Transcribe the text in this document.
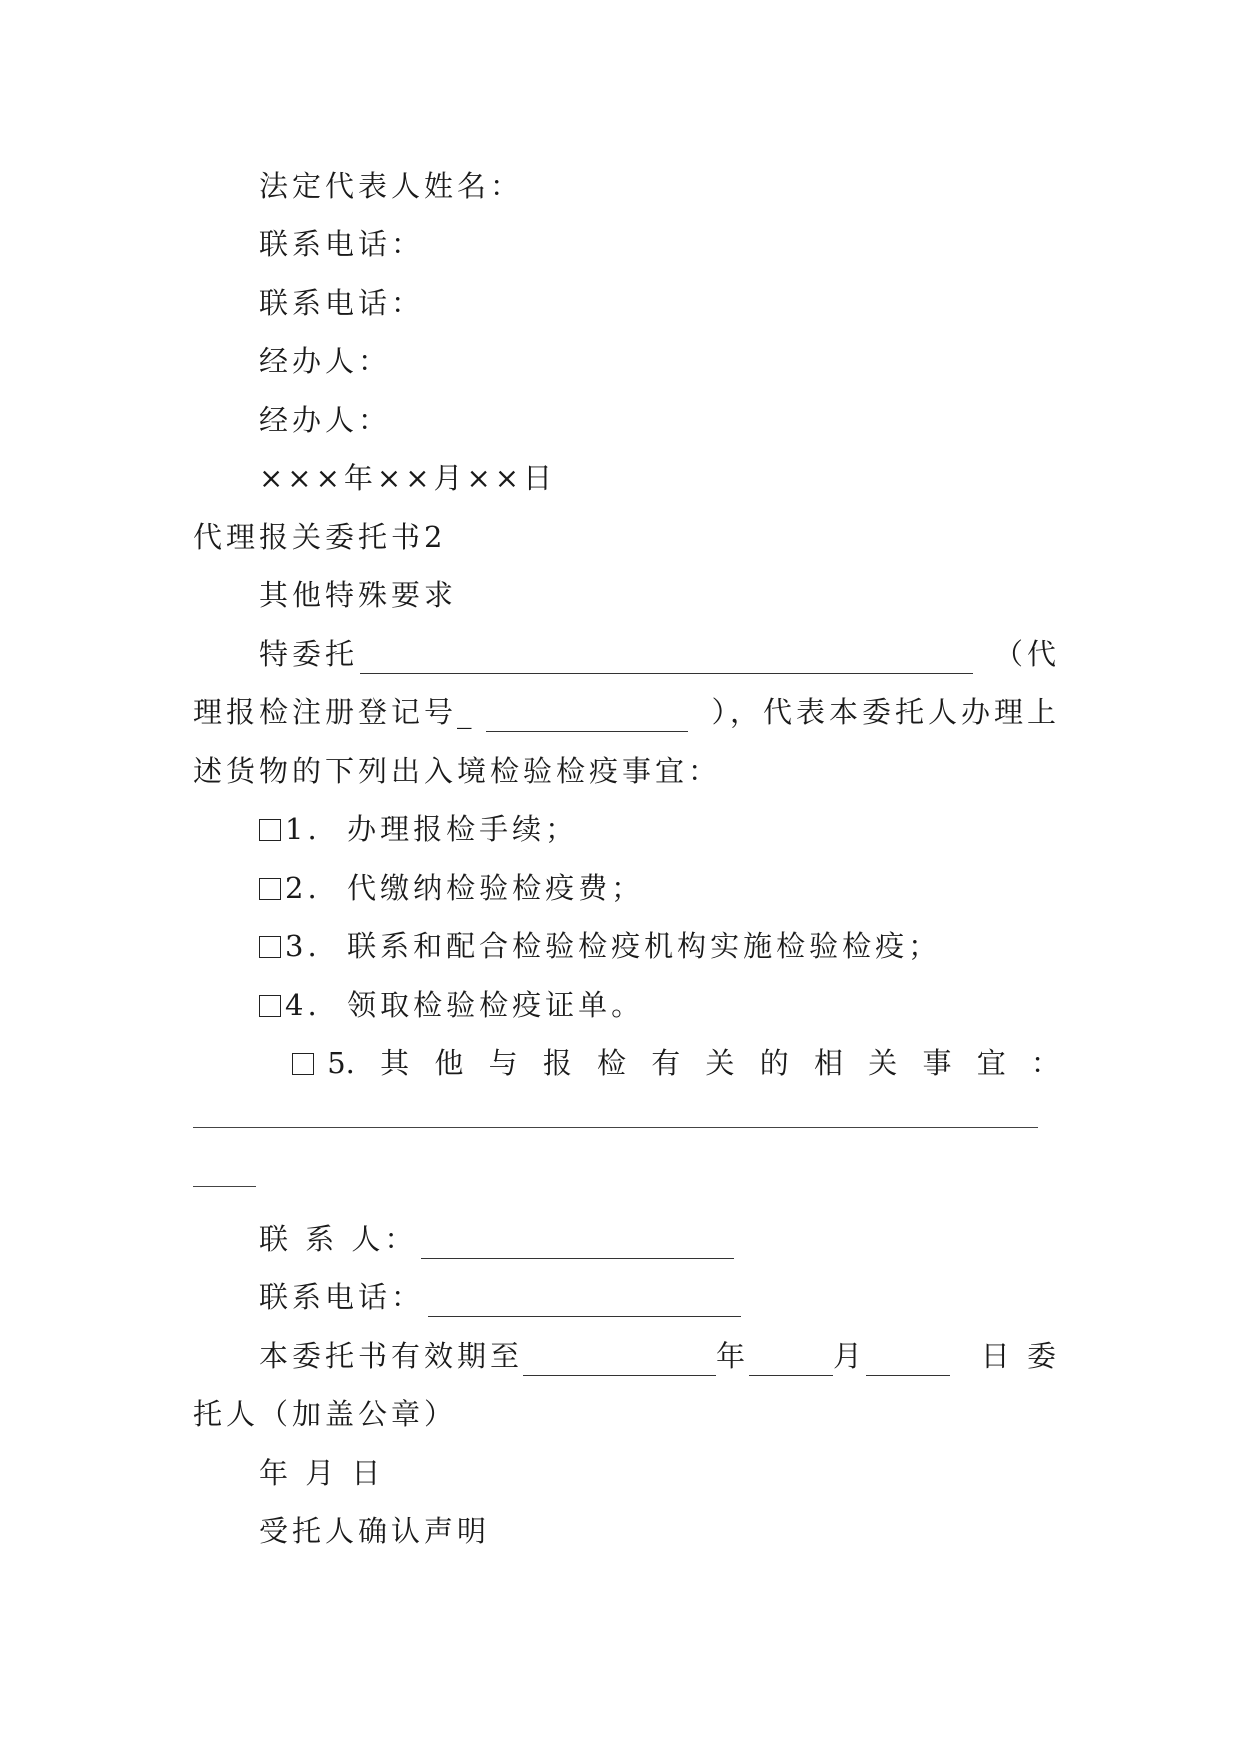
法定代表人姓名：
联系电话：
联系电话：
经办人：
经办人：
×××年××月××日
代理报关委托书2
其他特殊要求
特委托	（代
理报检注册登记号_	），代表本委托人办理上
述货物的下列出入境检验检疫事宜：
1. 办理报检手续；
2. 代缴纳检验检疫费；
3. 联系和配合检验检疫机构实施检验检疫；
4. 领取检验检疫证单。
5. 其 他 与 报 检 有 关 的 相 关 事 宜 ：
联 系 人：
联系电话：
本委托书有效期至	年	月	日 委
托人（加盖公章）
年 月 日
受托人确认声明
